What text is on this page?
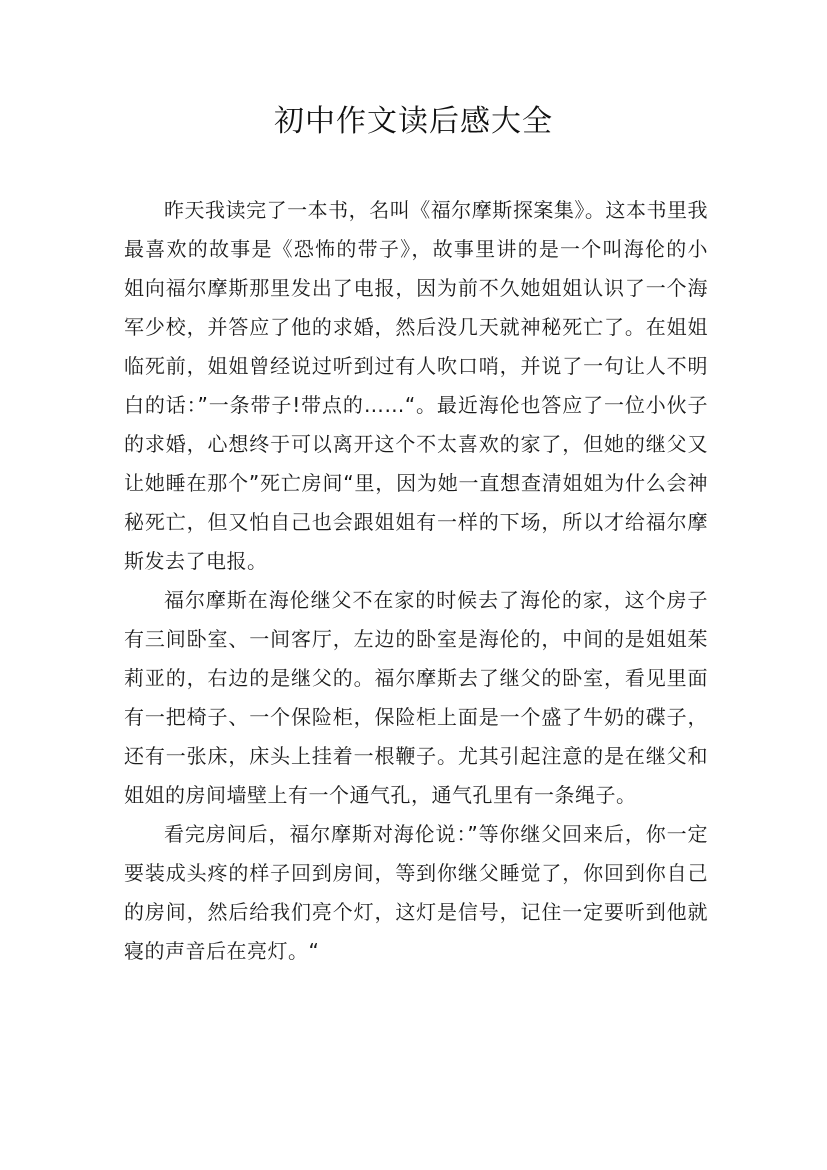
初中作文读后感大全

昨天我读完了一本书，名叫《福尔摩斯探案集》。这本书里我最喜欢的故事是《恐怖的带子》，故事里讲的是一个叫海伦的小姐向福尔摩斯那里发出了电报，因为前不久她姐姐认识了一个海军少校，并答应了他的求婚，然后没几天就神秘死亡了。在姐姐临死前，姐姐曾经说过听到过有人吹口哨，并说了一句让人不明白的话：”一条带子!带点的……“。最近海伦也答应了一位小伙子的求婚，心想终于可以离开这个不太喜欢的家了，但她的继父又让她睡在那个”死亡房间“里，因为她一直想查清姐姐为什么会神秘死亡，但又怕自己也会跟姐姐有一样的下场，所以才给福尔摩斯发去了电报。

福尔摩斯在海伦继父不在家的时候去了海伦的家，这个房子有三间卧室、一间客厅，左边的卧室是海伦的，中间的是姐姐茱莉亚的，右边的是继父的。福尔摩斯去了继父的卧室，看见里面有一把椅子、一个保险柜，保险柜上面是一个盛了牛奶的碟子，还有一张床，床头上挂着一根鞭子。尤其引起注意的是在继父和姐姐的房间墙壁上有一个通气孔，通气孔里有一条绳子。

看完房间后，福尔摩斯对海伦说：”等你继父回来后，你一定要装成头疼的样子回到房间，等到你继父睡觉了，你回到你自己的房间，然后给我们亮个灯，这灯是信号，记住一定要听到他就寝的声音后在亮灯。“
